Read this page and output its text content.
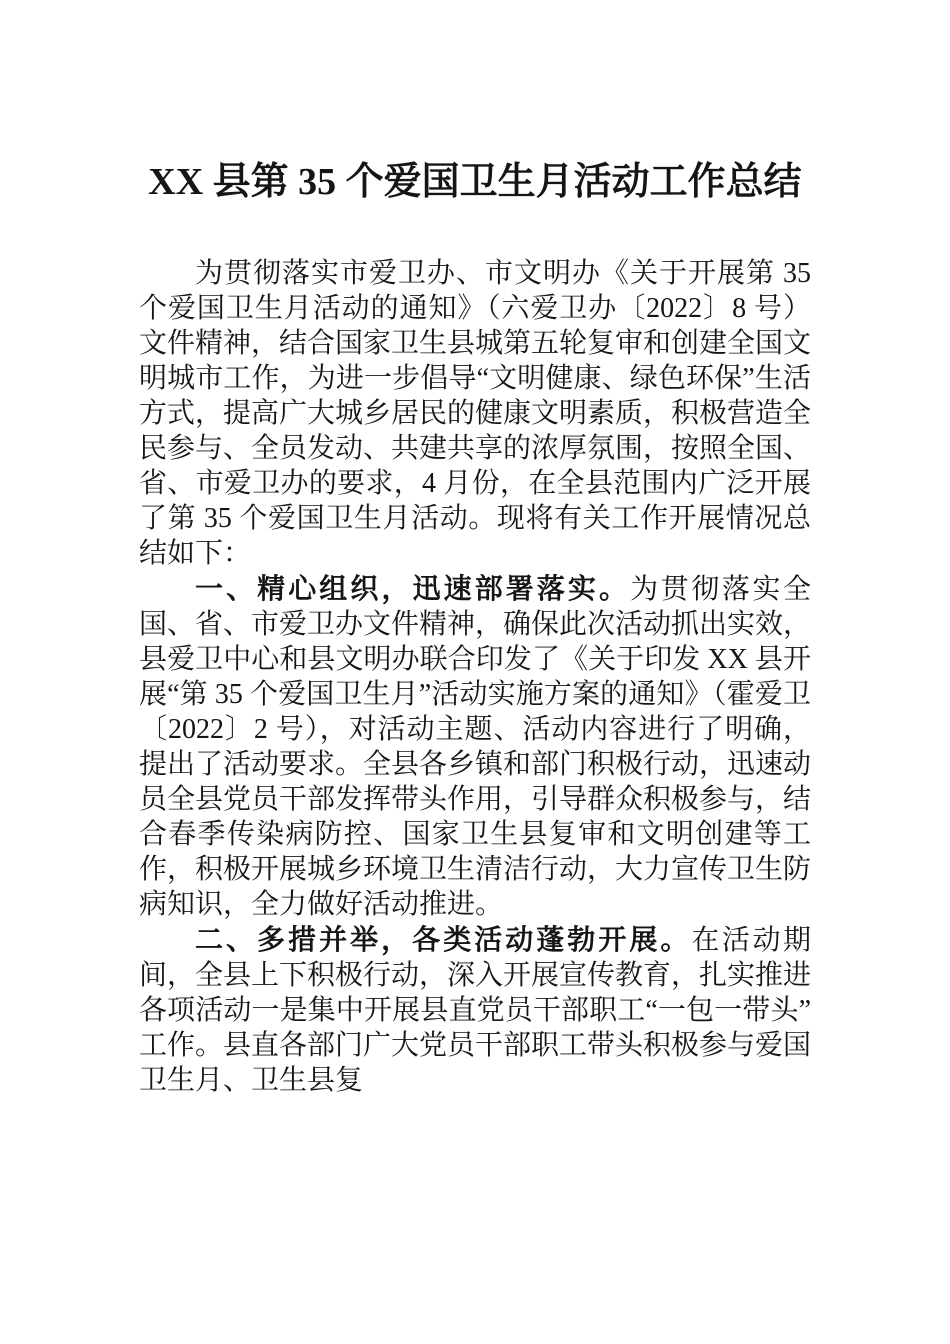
XX 县第 35 个爱国卫生月活动工作总结

为贯彻落实市爱卫办、市文明办《关于开展第 35 个爱国卫生月活动的通知》（六爱卫办〔2022〕8 号）文件精神，结合国家卫生县城第五轮复审和创建全国文明城市工作，为进一步倡导“文明健康、绿色环保”生活方式，提高广大城乡居民的健康文明素质，积极营造全民参与、全员发动、共建共享的浓厚氛围，按照全国、省、市爱卫办的要求，4 月份，在全县范围内广泛开展了第 35 个爱国卫生月活动。现将有关工作开展情况总结如下：

一、精心组织，迅速部署落实。为贯彻落实全国、省、市爱卫办文件精神，确保此次活动抓出实效，县爱卫中心和县文明办联合印发了《关于印发 XX 县开展“第 35 个爱国卫生月”活动实施方案的通知》（霍爱卫〔2022〕2 号），对活动主题、活动内容进行了明确，提出了活动要求。全县各乡镇和部门积极行动，迅速动员全县党员干部发挥带头作用，引导群众积极参与，结合春季传染病防控、国家卫生县复审和文明创建等工作，积极开展城乡环境卫生清洁行动，大力宣传卫生防病知识，全力做好活动推进。

二、多措并举，各类活动蓬勃开展。在活动期间，全县上下积极行动，深入开展宣传教育，扎实推进各项活动一是集中开展县直党员干部职工“一包一带头”工作。县直各部门广大党员干部职工带头积极参与爱国卫生月、卫生县复
